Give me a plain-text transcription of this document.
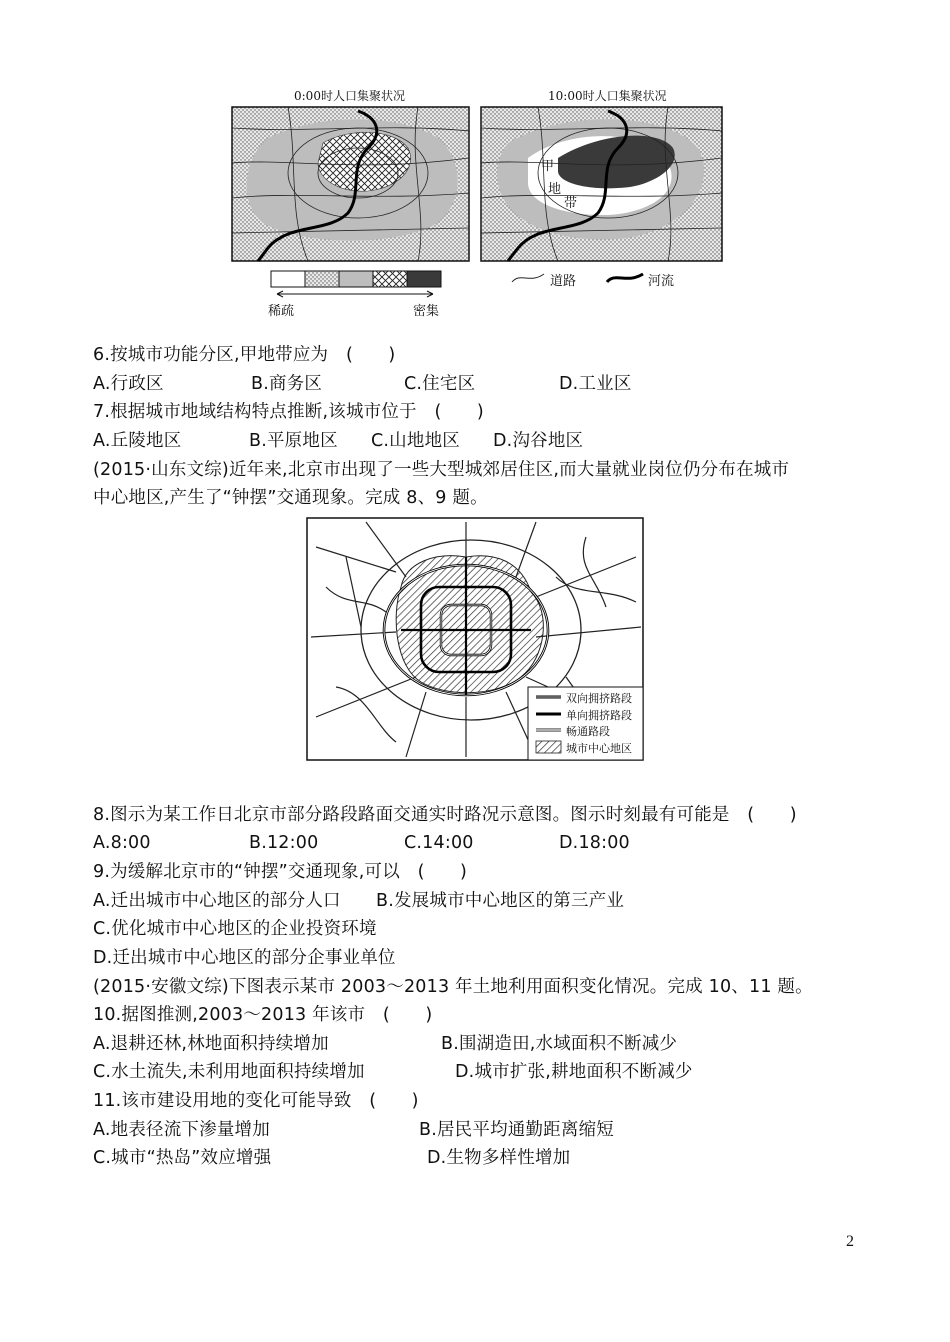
0:00时人口集聚状况	10:00时人口集聚状况
甲
地
带
稀疏	密集
道路	河流
6.按城市功能分区,甲地带应为　(　　)
A.行政区	B.商务区	C.住宅区	D.工业区
7.根据城市地域结构特点推断,该城市位于　(　　)
A.丘陵地区	B.平原地区 C.山地地区 D.沟谷地区
(2015·山东文综)近年来,北京市出现了一些大型城郊居住区,而大量就业岗位仍分布在城市
中心地区,产生了“钟摆”交通现象。完成 8、9 题。
双向拥挤路段
单向拥挤路段
畅通路段
城市中心地区
8.图示为某工作日北京市部分路段路面交通实时路况示意图。图示时刻最有可能是　(　　)
A.8:00	B.12:00	C.14:00	D.18:00
9.为缓解北京市的“钟摆”交通现象,可以　(　　)
A.迁出城市中心地区的部分人口 B.发展城市中心地区的第三产业
C.优化城市中心地区的企业投资环境
D.迁出城市中心地区的部分企事业单位
(2015·安徽文综)下图表示某市 2003～2013 年土地利用面积变化情况。完成 10、11 题。
10.据图推测,2003～2013 年该市　(　　)
A.退耕还林,林地面积持续增加	B.围湖造田,水域面积不断减少
C.水土流失,未利用地面积持续增加	D.城市扩张,耕地面积不断减少
11.该市建设用地的变化可能导致　(　　)
A.地表径流下渗量增加	B.居民平均通勤距离缩短
C.城市“热岛”效应增强	D.生物多样性增加
2
